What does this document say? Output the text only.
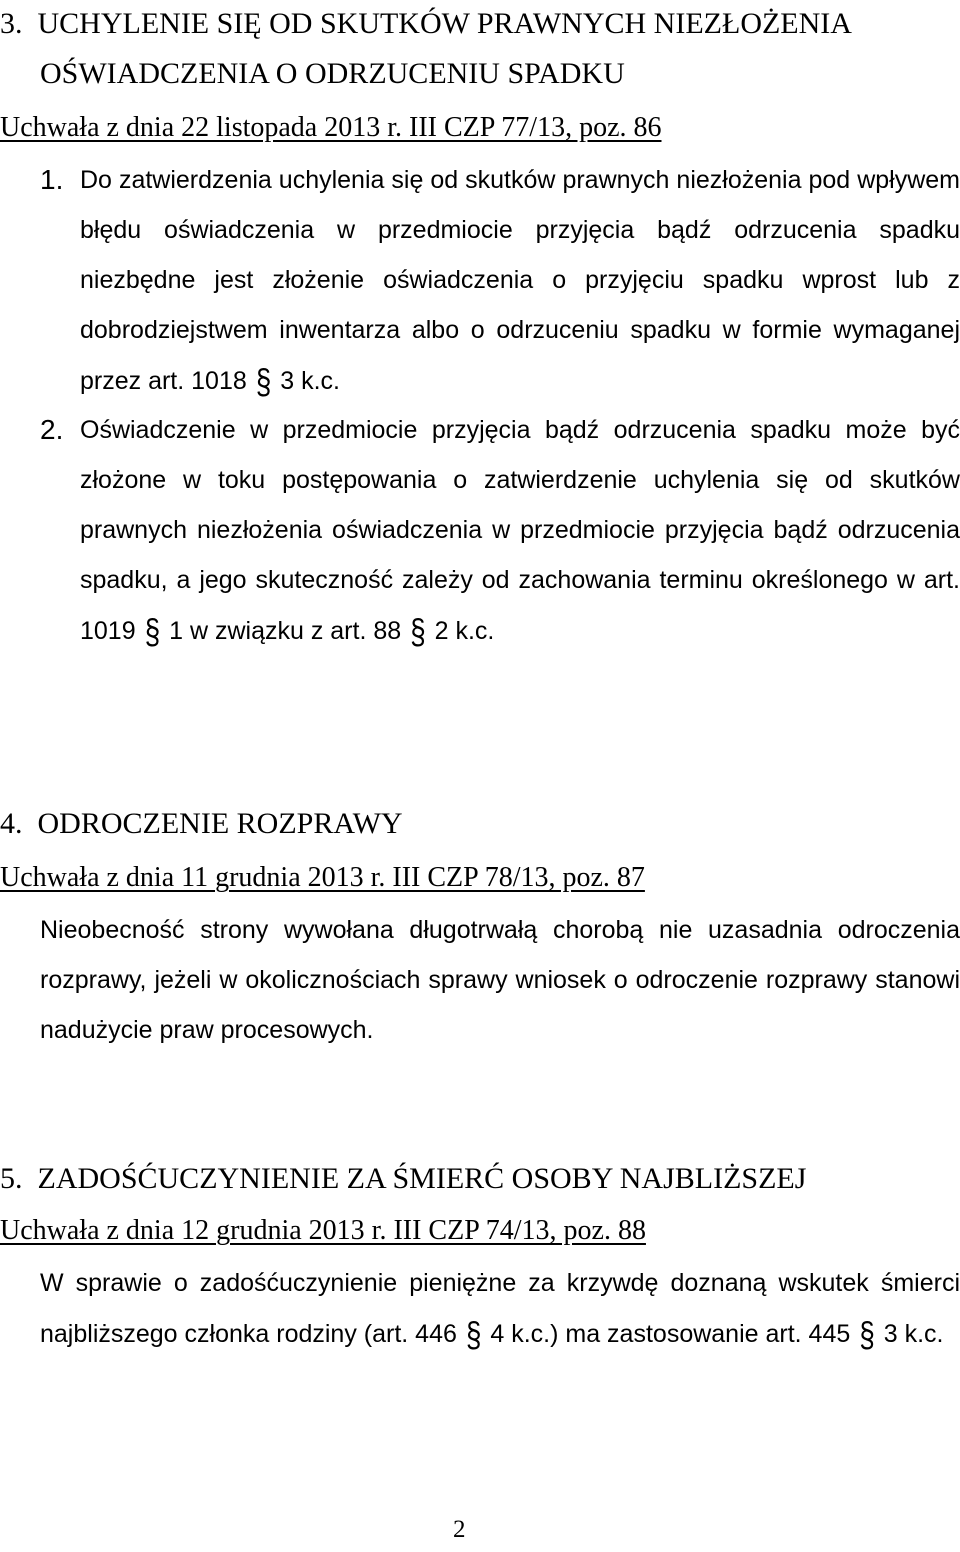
3. UCHYLENIE SIĘ OD SKUTKÓW PRAWNYCH NIEZŁOŻENIA
OŚWIADCZENIA O ODRZUCENIU SPADKU
Uchwała z dnia 22 listopada 2013 r. III CZP 77/13, poz. 86
1. Do zatwierdzenia uchylenia się od skutków prawnych niezłożenia pod wpływem błędu oświadczenia w przedmiocie przyjęcia bądź odrzucenia spadku niezbędne jest złożenie oświadczenia o przyjęciu spadku wprost lub z dobrodziejstwem inwentarza albo o odrzuceniu spadku w formie wymaganej przez art. 1018 § 3 k.c.
2. Oświadczenie w przedmiocie przyjęcia bądź odrzucenia spadku może być złożone w toku postępowania o zatwierdzenie uchylenia się od skutków prawnych niezłożenia oświadczenia w przedmiocie przyjęcia bądź odrzucenia spadku, a jego skuteczność zależy od zachowania terminu określonego w art. 1019 § 1 w związku z art. 88 § 2 k.c.
4. ODROCZENIE ROZPRAWY
Uchwała z dnia 11 grudnia 2013 r. III CZP 78/13, poz. 87
Nieobecność strony wywołana długotrwałą chorobą nie uzasadnia odroczenia rozprawy, jeżeli w okolicznościach sprawy wniosek o odroczenie rozprawy stanowi nadużycie praw procesowych.
5. ZADOŚĆUCZYNIENIE ZA ŚMIERĆ OSOBY NAJBLIŻSZEJ
Uchwała z dnia 12 grudnia 2013 r. III CZP 74/13, poz. 88
W sprawie o zadośćuczynienie pieniężne za krzywdę doznaną wskutek śmierci najbliższego członka rodziny (art. 446 § 4 k.c.) ma zastosowanie art. 445 § 3 k.c.
2
